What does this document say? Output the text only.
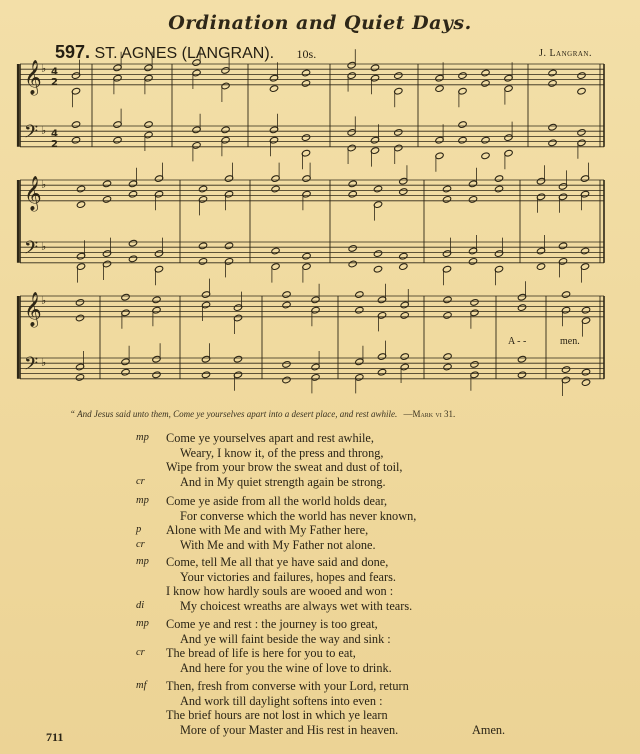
Ordination and Quiet Days.
597. ST. AGNES (LANGRAN). 10s.	J. Langran.
𝄞 ♭ 4
2
𝄢 ♭ 4
2
𝄞 ♭
𝄢 ♭
𝄞 ♭
𝄢 ♭
A - -	men.
“ And Jesus said unto them, Come ye yourselves apart into a desert place, and rest awhile. —Mark vi 31.
mp	Come ye yourselves apart and rest awhile,
Weary, I know it, of the press and throng,
Wipe from your brow the sweat and dust of toil,
cr	And in My quiet strength again be strong.
mp	Come ye aside from all the world holds dear,
For converse which the world has never known,
p	Alone with Me and with My Father here,
cr	With Me and with My Father not alone.
mp	Come, tell Me all that ye have said and done,
Your victories and failures, hopes and fears.
I know how hardly souls are wooed and won :
di	My choicest wreaths are always wet with tears.
mp	Come ye and rest : the journey is too great,
And ye will faint beside the way and sink :
cr	The bread of life is here for you to eat,
And here for you the wine of love to drink.
mf	Then, fresh from converse with your Lord, return
And work till daylight softens into even :
The brief hours are not lost in which ye learn
More of your Master and His rest in heaven.	Amen.
711
